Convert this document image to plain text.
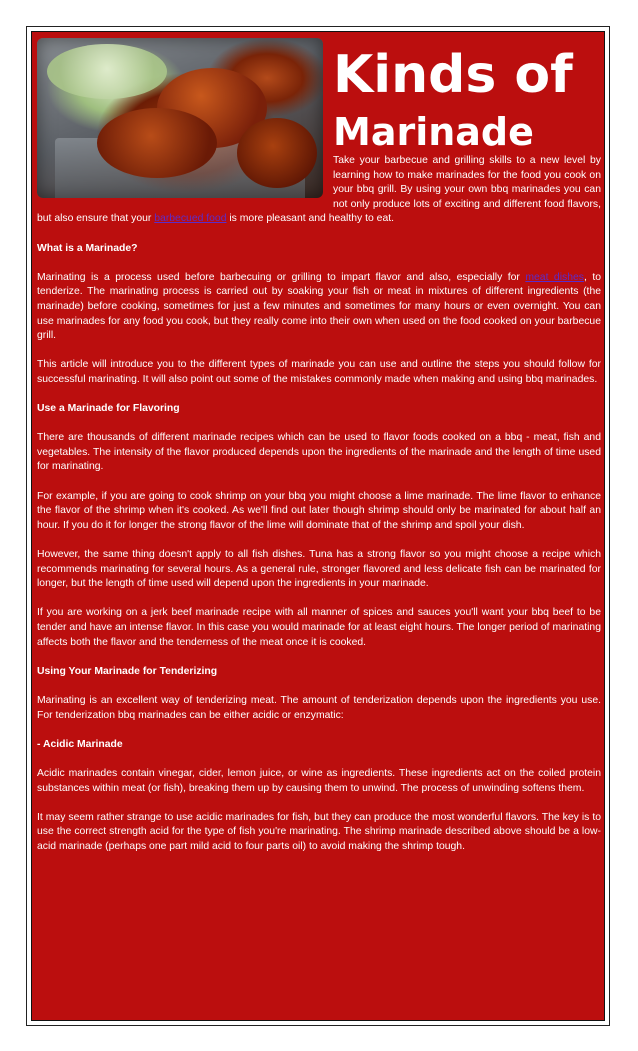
Kinds of
Marinade

Take your barbecue and grilling skills to a new level by learning how to make marinades for the food you cook on your bbq grill. By using your own bbq marinades you can not only produce lots of exciting and different food flavors, but also ensure that your barbecued food is more pleasant and healthy to eat.

What is a Marinade?

Marinating is a process used before barbecuing or grilling to impart flavor and also, especially for meat dishes, to tenderize. The marinating process is carried out by soaking your fish or meat in mixtures of different ingredients (the marinade) before cooking, sometimes for just a few minutes and sometimes for many hours or even overnight. You can use marinades for any food you cook, but they really come into their own when used on the food cooked on your barbecue grill.

This article will introduce you to the different types of marinade you can use and outline the steps you should follow for successful marinating. It will also point out some of the mistakes commonly made when making and using bbq marinades.

Use a Marinade for Flavoring

There are thousands of different marinade recipes which can be used to flavor foods cooked on a bbq - meat, fish and vegetables. The intensity of the flavor produced depends upon the ingredients of the marinade and the length of time used for marinating.

For example, if you are going to cook shrimp on your bbq you might choose a lime marinade. The lime flavor to enhance the flavor of the shrimp when it's cooked. As we'll find out later though shrimp should only be marinated for about half an hour. If you do it for longer the strong flavor of the lime will dominate that of the shrimp and spoil your dish.

However, the same thing doesn't apply to all fish dishes. Tuna has a strong flavor so you might choose a recipe which recommends marinating for several hours. As a general rule, stronger flavored and less delicate fish can be marinated for longer, but the length of time used will depend upon the ingredients in your marinade.

If you are working on a jerk beef marinade recipe with all manner of spices and sauces you'll want your bbq beef to be tender and have an intense flavor. In this case you would marinade for at least eight hours. The longer period of marinating affects both the flavor and the tenderness of the meat once it is cooked.

Using Your Marinade for Tenderizing

Marinating is an excellent way of tenderizing meat. The amount of tenderization depends upon the ingredients you use. For tenderization bbq marinades can be either acidic or enzymatic:

- Acidic Marinade

Acidic marinades contain vinegar, cider, lemon juice, or wine as ingredients. These ingredients act on the coiled protein substances within meat (or fish), breaking them up by causing them to unwind. The process of unwinding softens them.

It may seem rather strange to use acidic marinades for fish, but they can produce the most wonderful flavors. The key is to use the correct strength acid for the type of fish you're marinating. The shrimp marinade described above should be a low-acid marinade (perhaps one part mild acid to four parts oil) to avoid making the shrimp tough.
